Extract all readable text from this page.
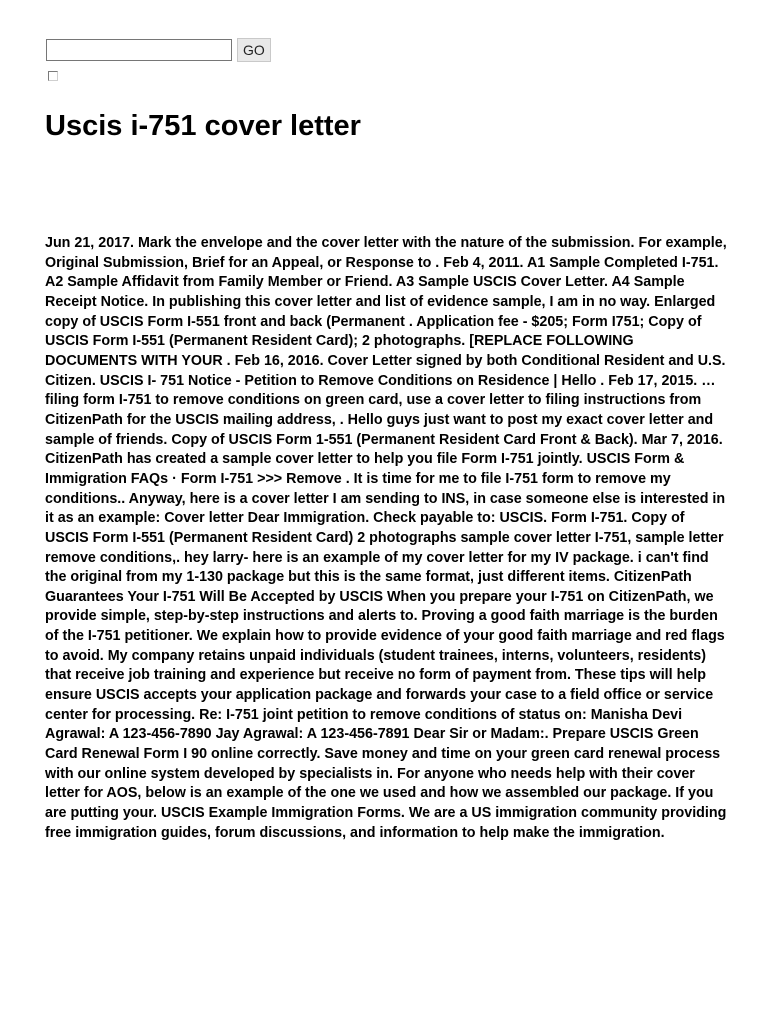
GO
Uscis i-751 cover letter

Jun 21, 2017. Mark the envelope and the cover letter with the nature of the submission. For example, Original Submission, Brief for an Appeal, or Response to . Feb 4, 2011. A1 Sample Completed I-751. A2 Sample Affidavit from Family Member or Friend. A3 Sample USCIS Cover Letter. A4 Sample Receipt Notice. In publishing this cover letter and list of evidence sample, I am in no way. Enlarged copy of USCIS Form I-551 front and back (Permanent . Application fee - $205; Form I751; Copy of USCIS Form I-551 (Permanent Resident Card); 2 photographs. [REPLACE FOLLOWING DOCUMENTS WITH YOUR . Feb 16, 2016. Cover Letter signed by both Conditional Resident and U.S. Citizen. USCIS I- 751 Notice - Petition to Remove Conditions on Residence | Hello . Feb 17, 2015. … filing form I-751 to remove conditions on green card, use a cover letter to filing instructions from CitizenPath for the USCIS mailing address, . Hello guys just want to post my exact cover letter and sample of friends. Copy of USCIS Form 1-551 (Permanent Resident Card Front & Back). Mar 7, 2016. CitizenPath has created a sample cover letter to help you file Form I-751 jointly. USCIS Form & Immigration FAQs · Form I-751 >>> Remove . It is time for me to file I-751 form to remove my conditions.. Anyway, here is a cover letter I am sending to INS, in case someone else is interested in it as an example: Cover letter Dear Immigration. Check payable to: USCIS. Form I-751. Copy of USCIS Form I-551 (Permanent Resident Card) 2 photographs sample cover letter I-751, sample letter remove conditions,. hey larry- here is an example of my cover letter for my IV package. i can't find the original from my 1-130 package but this is the same format, just different items. CitizenPath Guarantees Your I-751 Will Be Accepted by USCIS When you prepare your I-751 on CitizenPath, we provide simple, step-by-step instructions and alerts to. Proving a good faith marriage is the burden of the I-751 petitioner. We explain how to provide evidence of your good faith marriage and red flags to avoid. My company retains unpaid individuals (student trainees, interns, volunteers, residents) that receive job training and experience but receive no form of payment from. These tips will help ensure USCIS accepts your application package and forwards your case to a field office or service center for processing. Re: I-751 joint petition to remove conditions of status on: Manisha Devi Agrawal: A 123-456-7890 Jay Agrawal: A 123-456-7891 Dear Sir or Madam:. Prepare USCIS Green Card Renewal Form I 90 online correctly. Save money and time on your green card renewal process with our online system developed by specialists in. For anyone who needs help with their cover letter for AOS, below is an example of the one we used and how we assembled our package. If you are putting your. USCIS Example Immigration Forms. We are a US immigration community providing free immigration guides, forum discussions, and information to help make the immigration.
